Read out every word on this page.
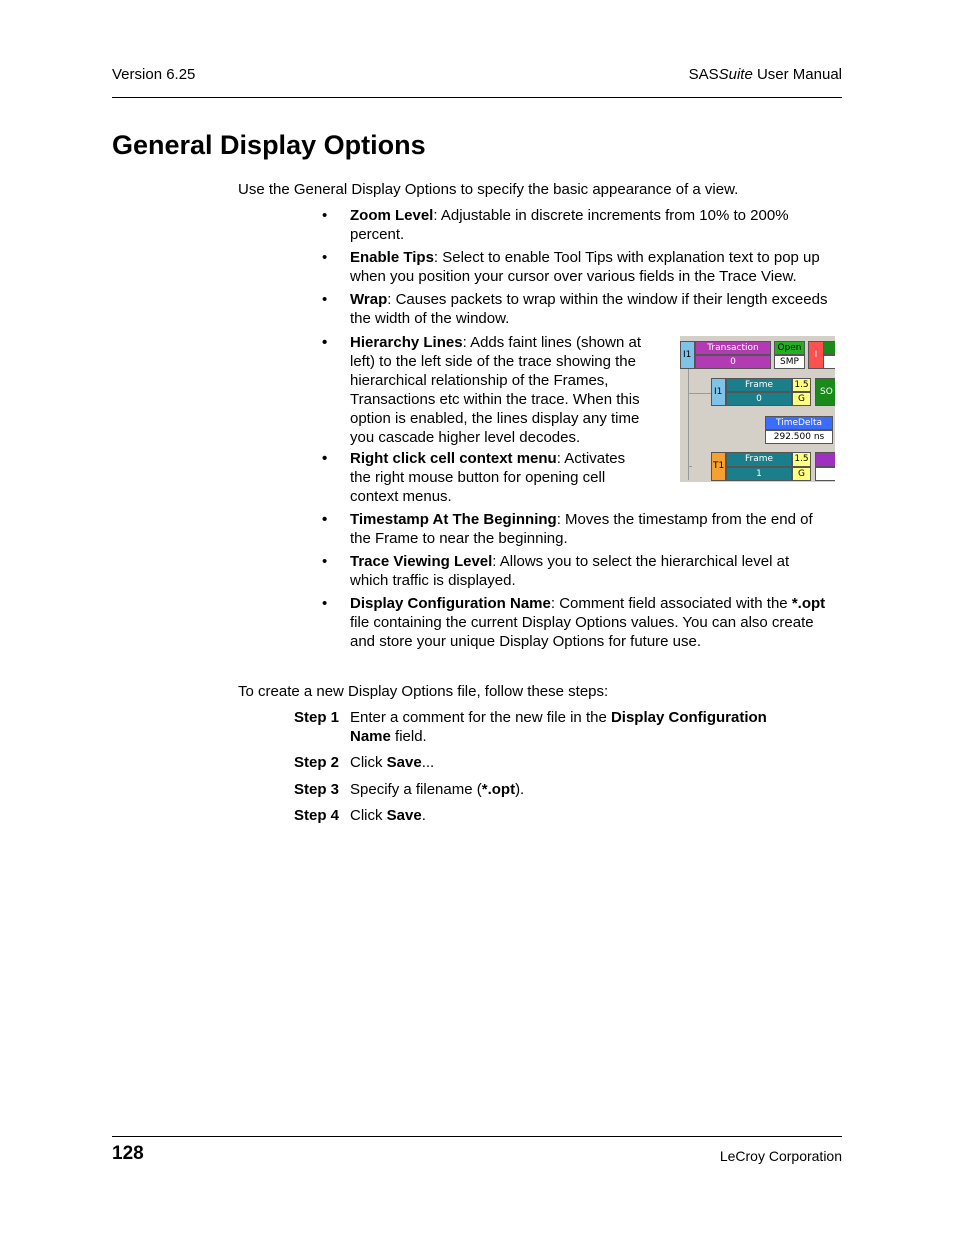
Version 6.25	SASSuite User Manual
General Display Options
Use the General Display Options to specify the basic appearance of a view.
• Zoom Level: Adjustable in discrete increments from 10% to 200%
percent.
• Enable Tips: Select to enable Tool Tips with explanation text to pop up
when you position your cursor over various fields in the Trace View.
• Wrap: Causes packets to wrap within the window if their length exceeds
the width of the window.
• Hierarchy Lines: Adds faint lines (shown at
left) to the left side of the trace showing the
hierarchical relationship of the Frames,
Transactions etc within the trace. When this
option is enabled, the lines display any time
you cascade higher level decodes.
• Right click cell context menu: Activates
the right mouse button for opening cell
context menus.
• Timestamp At The Beginning: Moves the timestamp from the end of
the Frame to near the beginning.
• Trace Viewing Level: Allows you to select the hierarchical level at
which traffic is displayed.
• Display Configuration Name: Comment field associated with the *.opt
file containing the current Display Options values. You can also create
and store your unique Display Options for future use.
I1
Transaction
0
Open
SMP
I
I1
Frame
0
1.5
G
SO
TimeDelta
292.500 ns
T1
Frame
1
1.5
G
To create a new Display Options file, follow these steps:
Step 1 Enter a comment for the new file in the Display Configuration
Name field.
Step 2 Click Save...
Step 3 Specify a filename (*.opt).
Step 4 Click Save.
128	LeCroy Corporation
